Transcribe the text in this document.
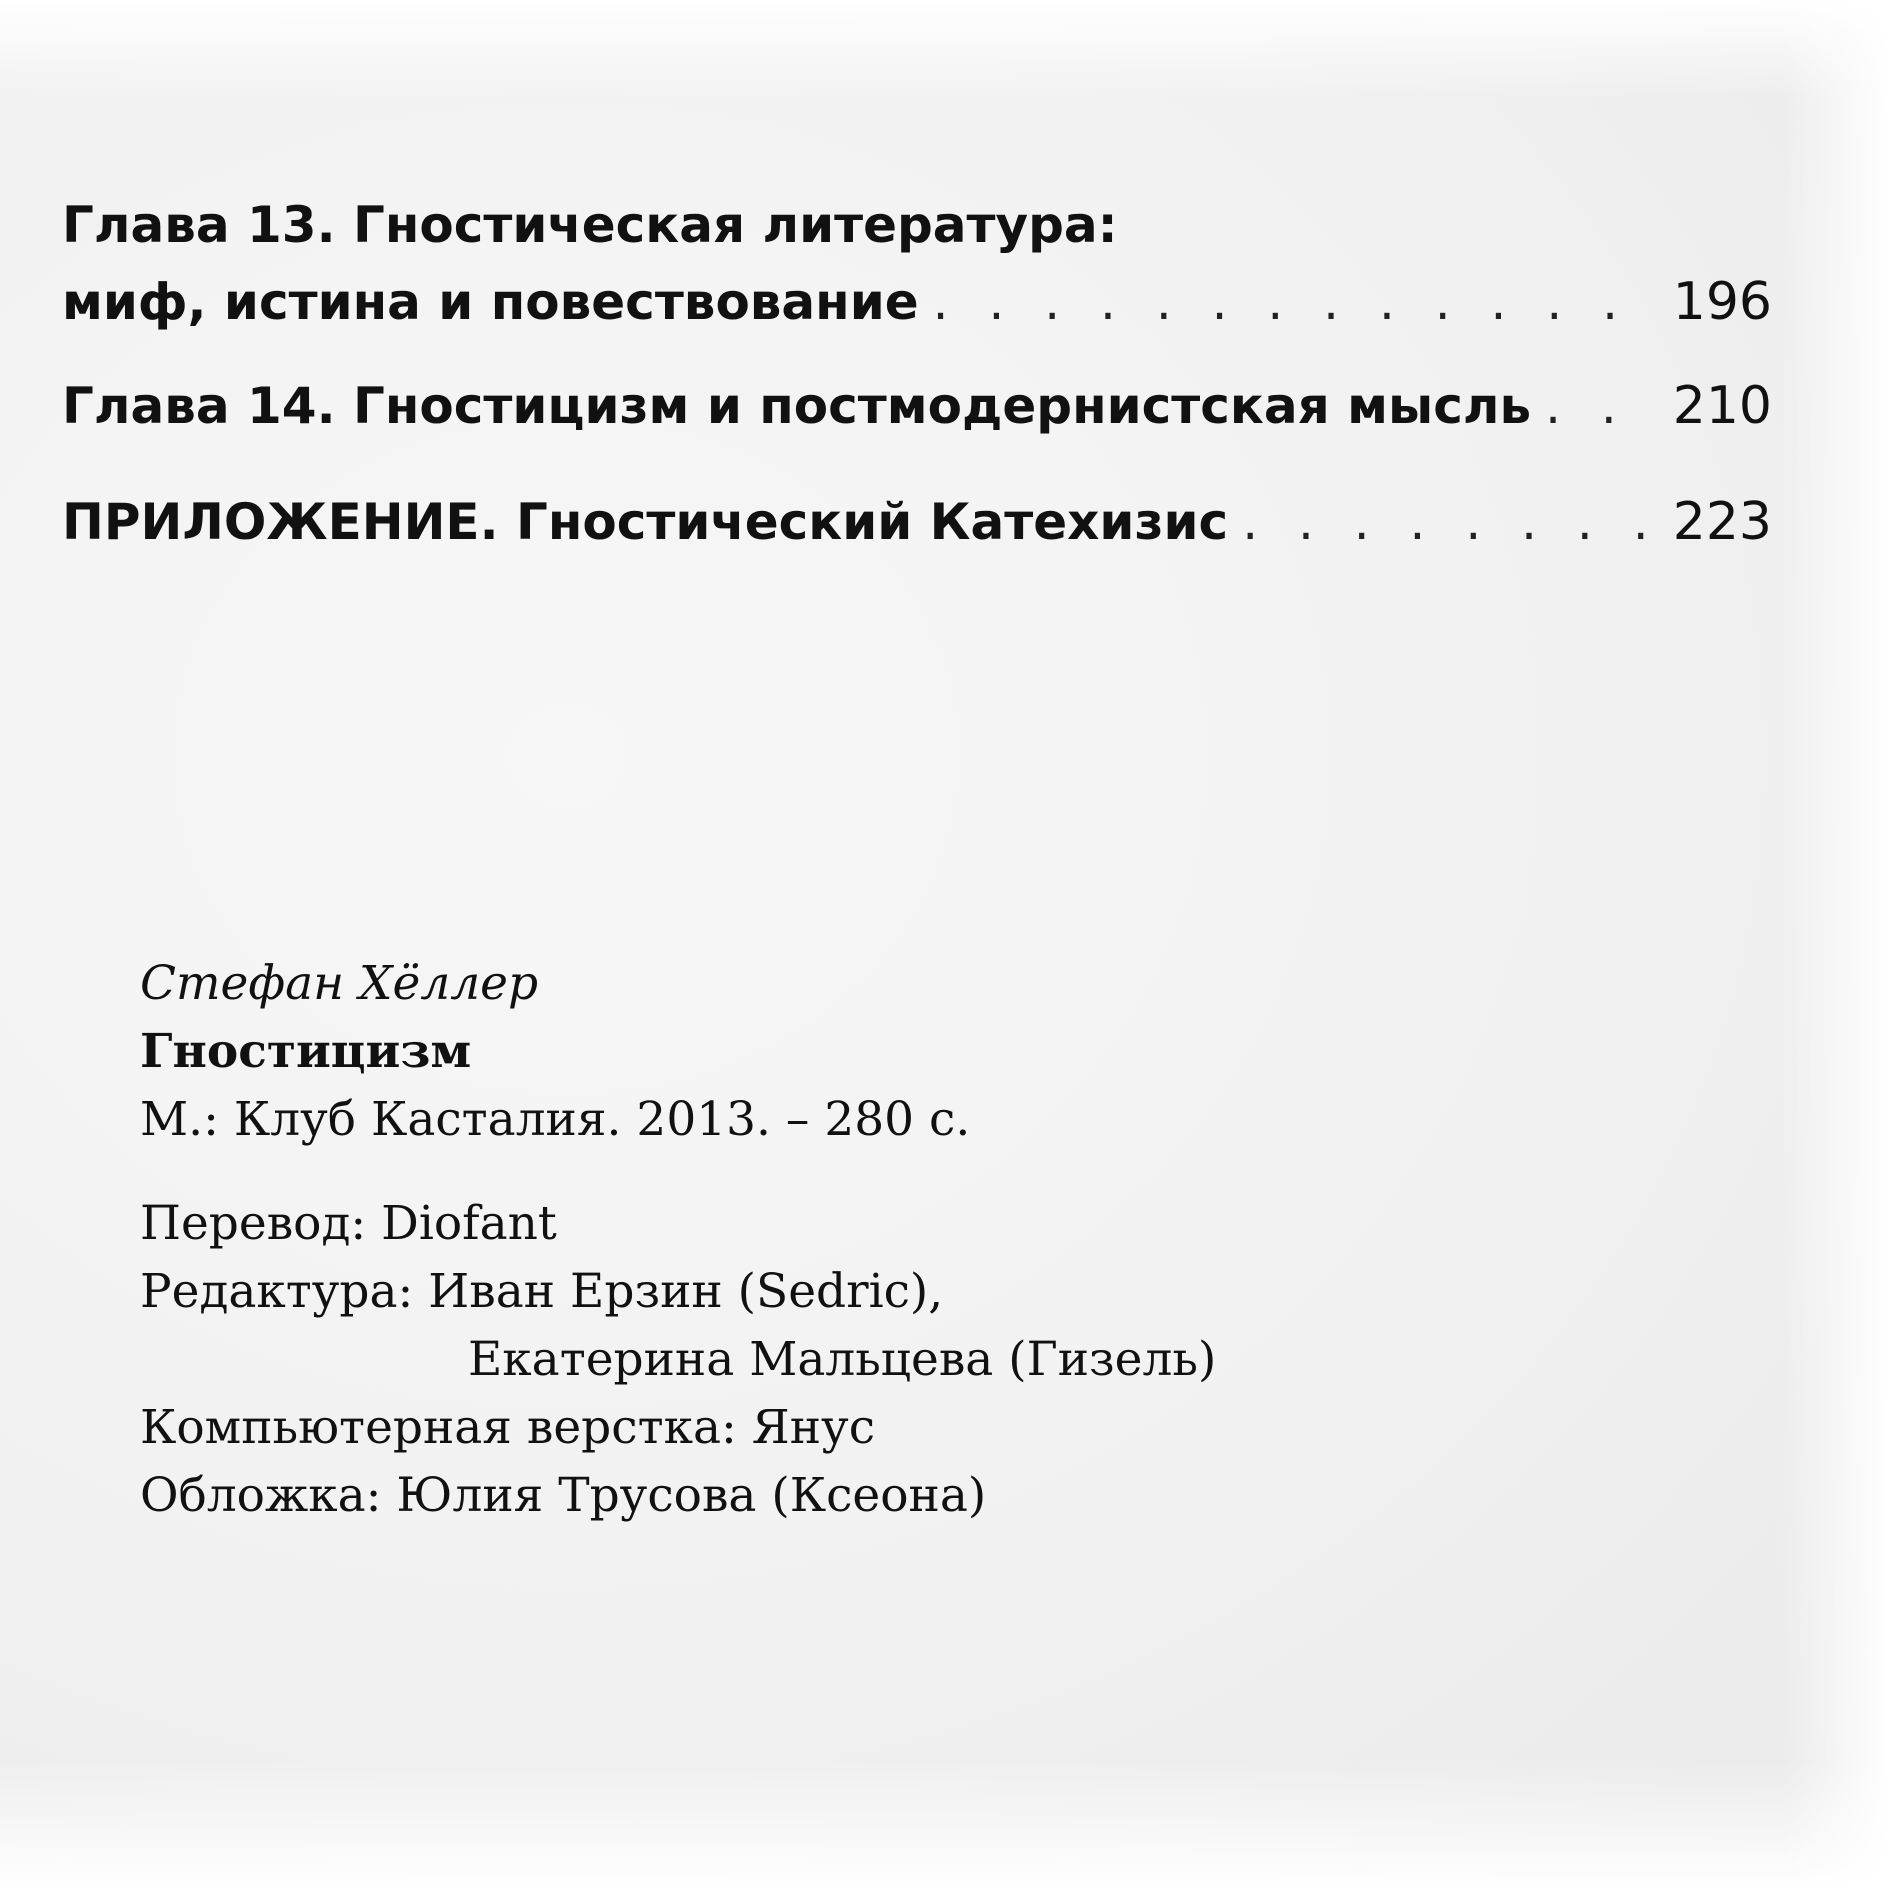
Глава 13. Гностическая литература:
миф, истина и повествование . . .	196
Глава 14. Гностицизм и постмодернистская мысль . . .	210
ПРИЛОЖЕНИЕ. Гностический Катехизис . . .	223
Стефан Хёллер
Гностицизм
М.: Клуб Касталия. 2013. – 280 с.
Перевод: Diofant
Редактура: Иван Ерзин (Sedric),
Екатерина Мальцева (Гизель)
Компьютерная верстка: Янус
Обложка: Юлия Трусова (Ксеона)
